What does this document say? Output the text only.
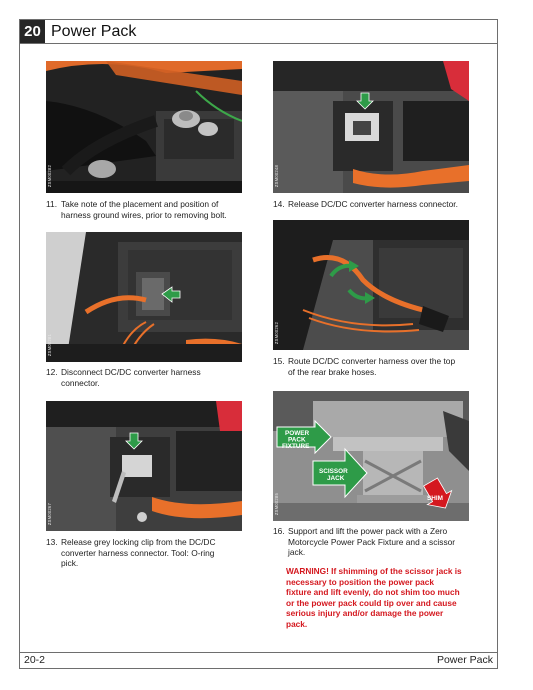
20 Power Pack
ZSM00282	ZSM00248
11. Take note of the placement and position of
harness ground wires, prior to removing bolt.
14. Release DC/DC converter harness connector.
ZSM00281
ZSM00262
12. Disconnect DC/DC converter harness
connector.
15. Route DC/DC converter harness over the top
of the rear brake hoses.
ZSM00267
POWER
PACK
FIXTURE
SCISSOR
JACK
SHIM
ZSM00285
13. Release grey locking clip from the DC/DC
converter harness connector. Tool: O-ring
pick.
16. Support and lift the power pack with a Zero
Motorcycle Power Pack Fixture and a scissor
jack.
WARNING! If shimming of the scissor jack is
necessary to position the power pack
fixture and lift evenly, do not shim too much
or the power pack could tip over and cause
serious injury and/or damage the power
pack.
20-2	Power Pack
